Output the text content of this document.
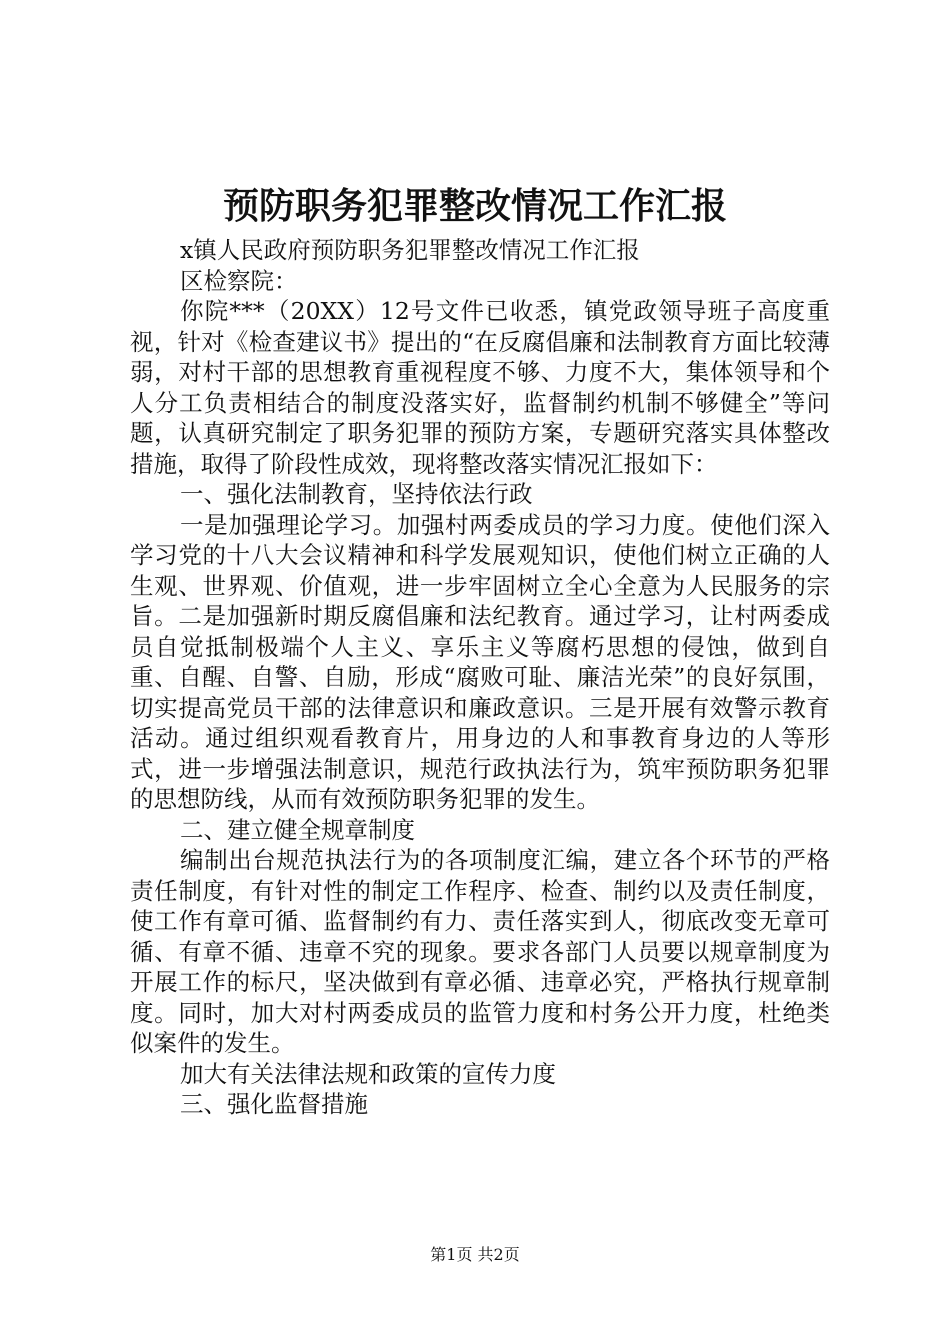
预防职务犯罪整改情况工作汇报

x镇人民政府预防职务犯罪整改情况工作汇报

区检察院：

你院***（20XX）12号文件已收悉，镇党政领导班子高度重视，针对《检查建议书》提出的“在反腐倡廉和法制教育方面比较薄弱，对村干部的思想教育重视程度不够、力度不大，集体领导和个人分工负责相结合的制度没落实好，监督制约机制不够健全”等问题，认真研究制定了职务犯罪的预防方案，专题研究落实具体整改措施，取得了阶段性成效，现将整改落实情况汇报如下：

一、强化法制教育，坚持依法行政

一是加强理论学习。加强村两委成员的学习力度。使他们深入学习党的十八大会议精神和科学发展观知识，使他们树立正确的人生观、世界观、价值观，进一步牢固树立全心全意为人民服务的宗旨。二是加强新时期反腐倡廉和法纪教育。通过学习，让村两委成员自觉抵制极端个人主义、享乐主义等腐朽思想的侵蚀，做到自重、自醒、自警、自励，形成“腐败可耻、廉洁光荣”的良好氛围，切实提高党员干部的法律意识和廉政意识。三是开展有效警示教育活动。通过组织观看教育片，用身边的人和事教育身边的人等形式，进一步增强法制意识，规范行政执法行为，筑牢预防职务犯罪的思想防线，从而有效预防职务犯罪的发生。

二、建立健全规章制度

编制出台规范执法行为的各项制度汇编，建立各个环节的严格责任制度，有针对性的制定工作程序、检查、制约以及责任制度，使工作有章可循、监督制约有力、责任落实到人，彻底改变无章可循、有章不循、违章不究的现象。要求各部门人员要以规章制度为开展工作的标尺，坚决做到有章必循、违章必究，严格执行规章制度。同时，加大对村两委成员的监管力度和村务公开力度，杜绝类似案件的发生。

加大有关法律法规和政策的宣传力度

三、强化监督措施

第1页 共2页
